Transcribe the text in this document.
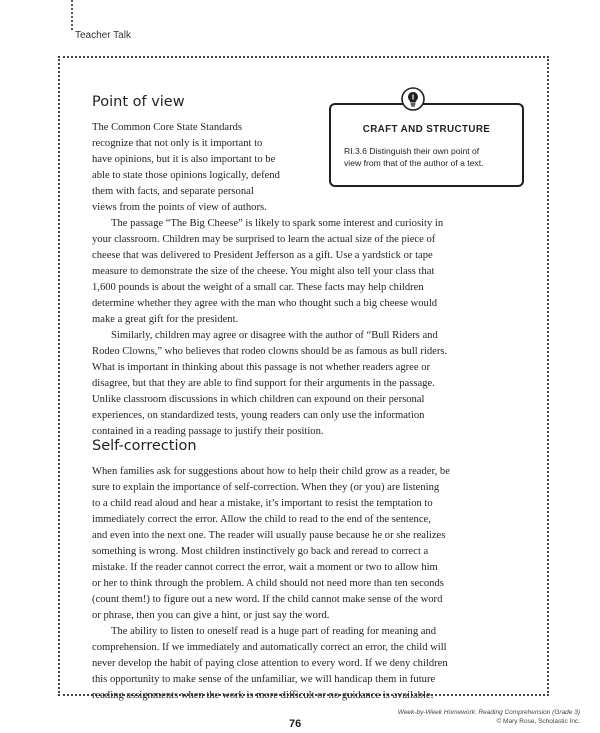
Teacher Talk
Point of view
The Common Core State Standards
recognize that not only is it important to
have opinions, but it is also important to be
able to state those opinions logically, defend
them with facts, and separate personal
views from the points of view of authors.
CRAFT AND STRUCTURE
RI.3.6 Distinguish their own point of
view from that of the author of a text.

The passage “The Big Cheese” is likely to spark some interest and curiosity in
your classroom. Children may be surprised to learn the actual size of the piece of
cheese that was delivered to President Jefferson as a gift. Use a yardstick or tape
measure to demonstrate the size of the cheese. You might also tell your class that
1,600 pounds is about the weight of a small car. These facts may help children
determine whether they agree with the man who thought such a big cheese would
make a great gift for the president.

Similarly, children may agree or disagree with the author of “Bull Riders and
Rodeo Clowns,” who believes that rodeo clowns should be as famous as bull riders.
What is important in thinking about this passage is not whether readers agree or
disagree, but that they are able to find support for their arguments in the passage.
Unlike classroom discussions in which children can expound on their personal
experiences, on standardized tests, young readers can only use the information
contained in a reading passage to justify their position.

Self-correction

When families ask for suggestions about how to help their child grow as a reader, be
sure to explain the importance of self-correction. When they (or you) are listening
to a child read aloud and hear a mistake, it’s important to resist the temptation to
immediately correct the error. Allow the child to read to the end of the sentence,
and even into the next one. The reader will usually pause because he or she realizes
something is wrong. Most children instinctively go back and reread to correct a
mistake. If the reader cannot correct the error, wait a moment or two to allow him
or her to think through the problem. A child should not need more than ten seconds
(count them!) to figure out a new word. If the child cannot make sense of the word
or phrase, then you can give a hint, or just say the word.

The ability to listen to oneself read is a huge part of reading for meaning and
comprehension. If we immediately and automatically correct an error, the child will
never develop the habit of paying close attention to every word. If we deny children
this opportunity to make sense of the unfamiliar, we will handicap them in future
reading assignments when the work is more difficult or no guidance is available.

76
Week-by-Week Homework: Reading Comprehension (Grade 3)
© Mary Rose, Scholastic Inc.
